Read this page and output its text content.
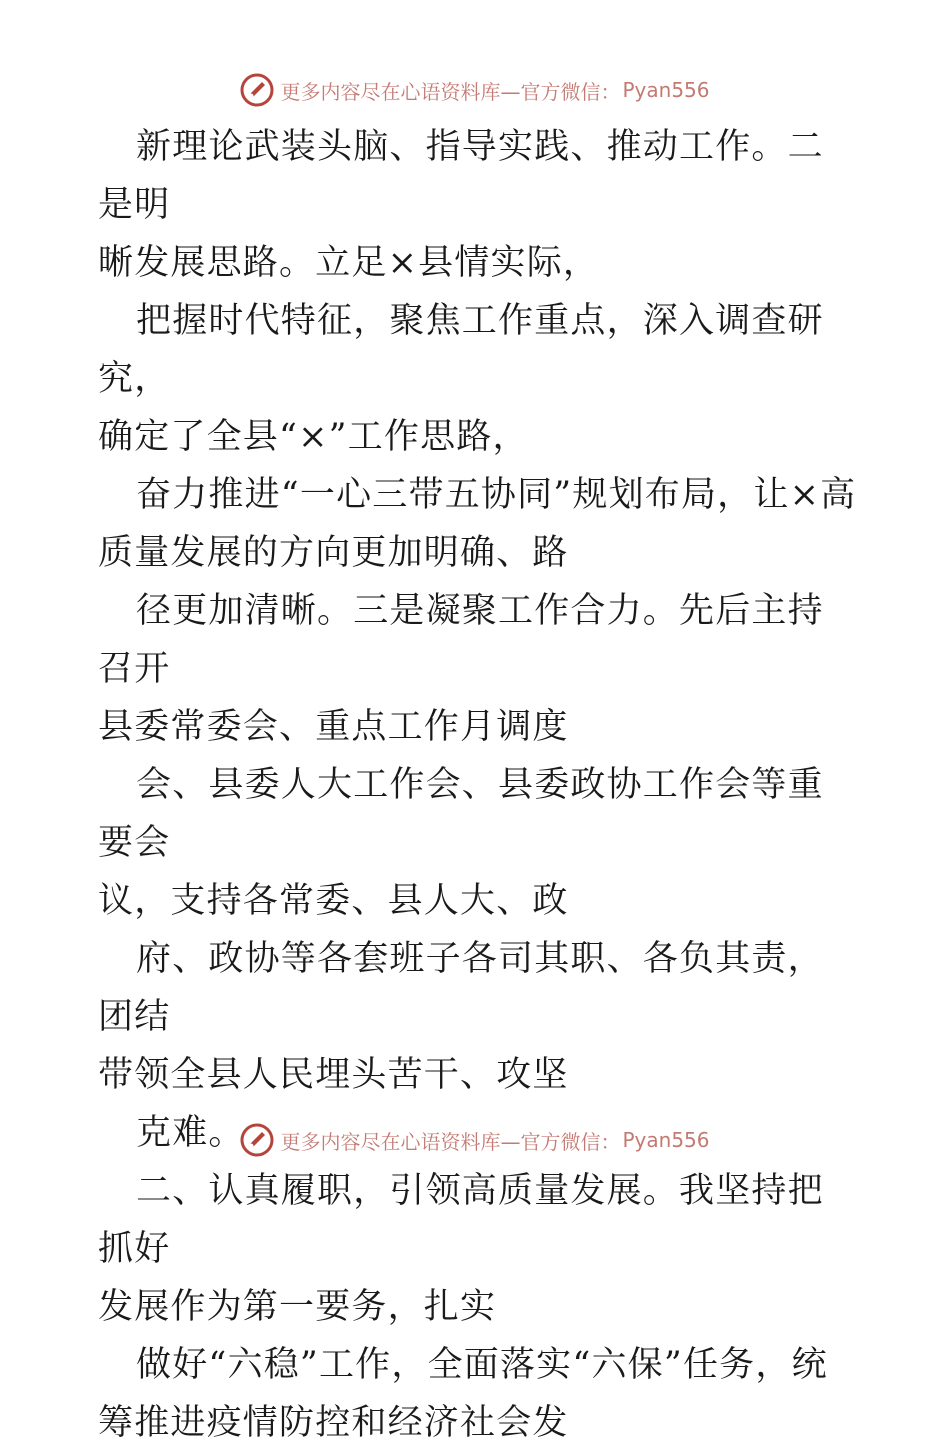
更多内容尽在心语资料库—官方微信： Pyan556

新理论武装头脑、指导实践、推动工作。二是明
晰发展思路。立足×县情实际，

把握时代特征，聚焦工作重点，深入调查研究，
确定了全县“×”工作思路，

奋力推进“一心三带五协同”规划布局，让×高
质量发展的方向更加明确、路

径更加清晰。三是凝聚工作合力。先后主持召开
县委常委会、重点工作月调度

会、县委人大工作会、县委政协工作会等重要会
议，支持各常委、县人大、政

府、政协等各套班子各司其职、各负其责，团结
带领全县人民埋头苦干、攻坚

克难。

二、认真履职，引领高质量发展。我坚持把抓好
发展作为第一要务，扎实

做好“六稳”工作，全面落实“六保”任务，统
筹推进疫情防控和经济社会发

更多内容尽在心语资料库—官方微信： Pyan556
